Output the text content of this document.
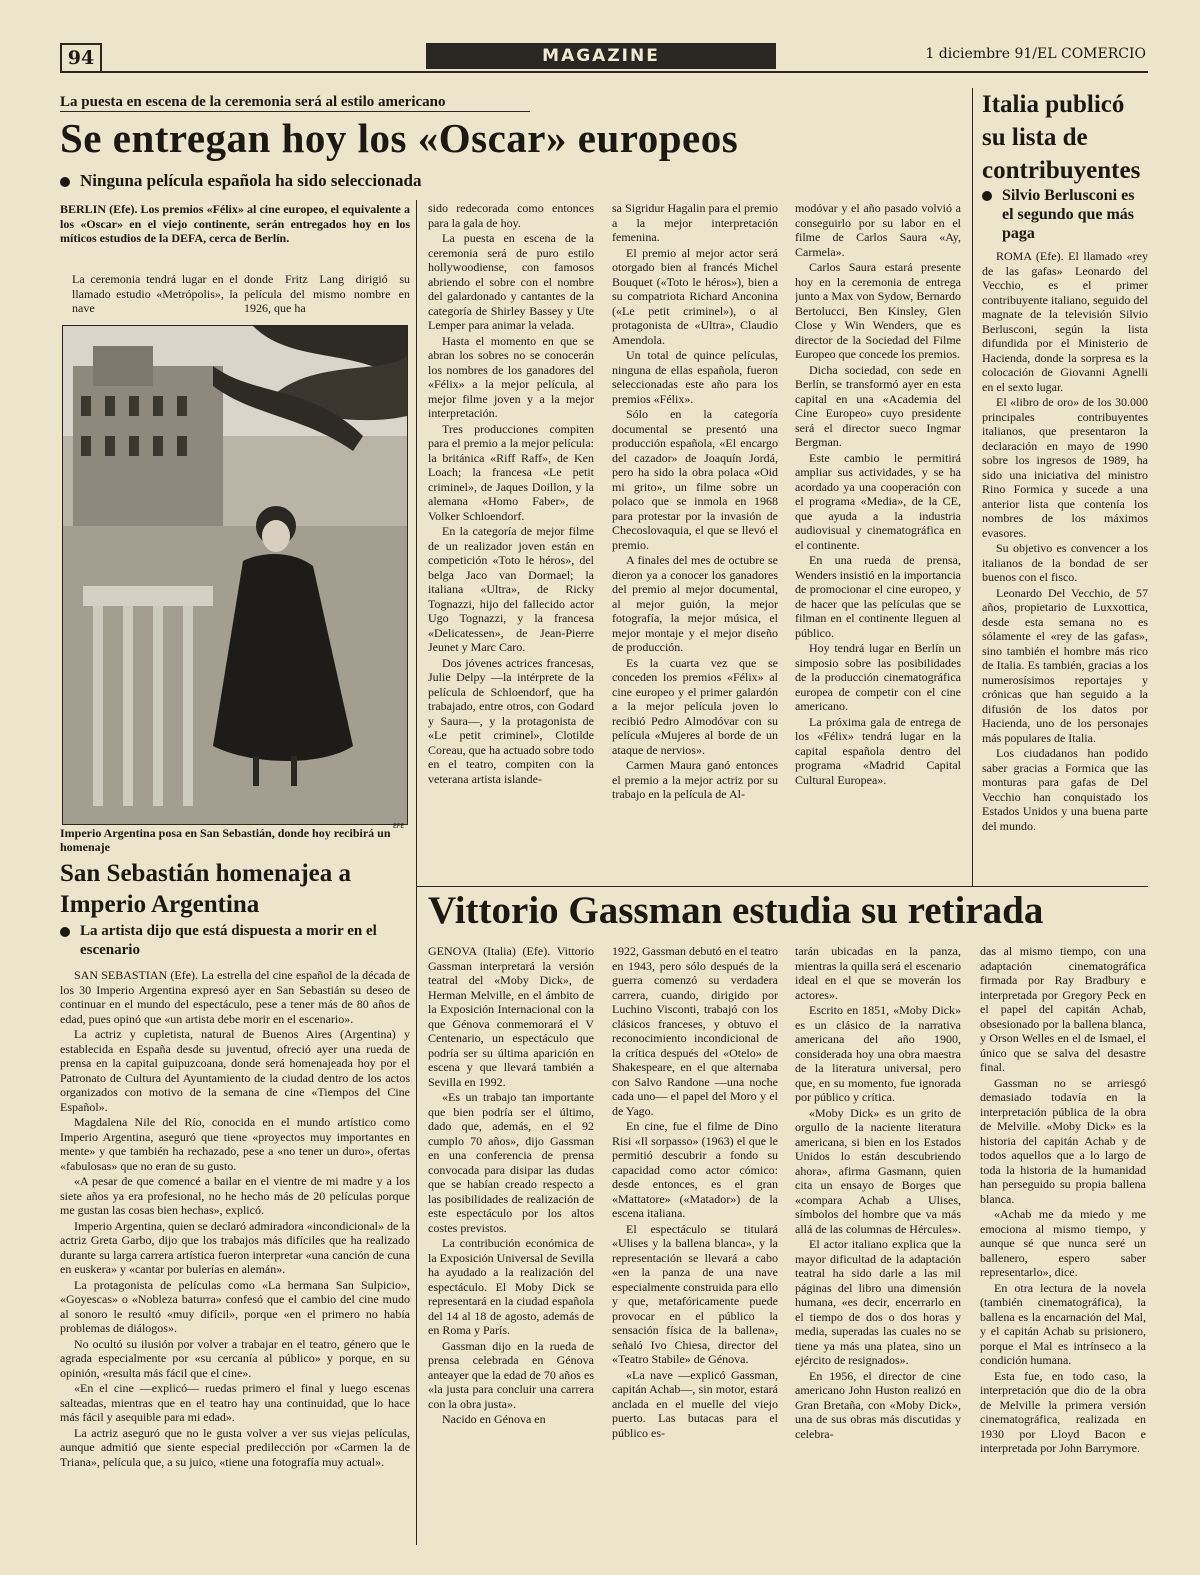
94	MAGAZINE	1 diciembre 91/EL COMERCIO
La puesta en escena de la ceremonia será al estilo americano
Se entregan hoy los «Oscar» europeos
Ninguna película española ha sido seleccionada
BERLIN (Efe). Los premios «Félix» al cine europeo, el equivalente a los «Oscar» en el viejo continente, serán entregados hoy en los míticos estudios de la DEFA, cerca de Berlín.

La ceremonia tendrá lugar en el llamado estudio «Metrópolis», la nave

donde Fritz Lang dirigió su película del mismo nombre en 1926, que ha

EFE
Imperio Argentina posa en San Sebastián, donde hoy recibirá un homenaje

sido redecorada como entonces para la gala de hoy.

La puesta en escena de la ceremonia será de puro estilo hollywoodiense, con famosos abriendo el sobre con el nombre del galardonado y cantantes de la categoría de Shirley Bassey y Ute Lemper para animar la velada.

Hasta el momento en que se abran los sobres no se conocerán los nombres de los ganadores del «Félix» a la mejor película, al mejor filme joven y a la mejor interpretación.

Tres producciones compiten para el premio a la mejor película: la británica «Riff Raff», de Ken Loach; la francesa «Le petit criminel», de Jaques Doillon, y la alemana «Homo Faber», de Volker Schloendorf.

En la categoría de mejor filme de un realizador joven están en competición «Toto le héros», del belga Jaco van Dormael; la italiana «Ultra», de Ricky Tognazzi, hijo del fallecido actor Ugo Tognazzi, y la francesa «Delicatessen», de Jean-Pierre Jeunet y Marc Caro.

Dos jóvenes actrices francesas, Julie Delpy —la intérprete de la película de Schloendorf, que ha trabajado, entre otros, con Godard y Saura—, y la protagonista de «Le petit criminel», Clotilde Coreau, que ha actuado sobre todo en el teatro, compiten con la veterana artista islande-

sa Sigridur Hagalin para el premio a la mejor interpretación femenina.

El premio al mejor actor será otorgado bien al francés Michel Bouquet («Toto le héros»), bien a su compatriota Richard Anconina («Le petit criminel»), o al protagonista de «Ultra», Claudio Amendola.

Un total de quince películas, ninguna de ellas española, fueron seleccionadas este año para los premios «Félix».

Sólo en la categoría documental se presentó una producción española, «El encargo del cazador» de Joaquín Jordá, pero ha sido la obra polaca «Oid mi grito», un filme sobre un polaco que se inmola en 1968 para protestar por la invasión de Checoslovaquia, el que se llevó el premio.

A finales del mes de octubre se dieron ya a conocer los ganadores del premio al mejor documental, al mejor guión, la mejor fotografía, la mejor música, el mejor montaje y el mejor diseño de producción.

Es la cuarta vez que se conceden los premios «Félix» al cine europeo y el primer galardón a la mejor película joven lo recibió Pedro Almodóvar con su película «Mujeres al borde de un ataque de nervios».

Carmen Maura ganó entonces el premio a la mejor actriz por su trabajo en la película de Al-

modóvar y el año pasado volvió a conseguirlo por su labor en el filme de Carlos Saura «Ay, Carmela».

Carlos Saura estará presente hoy en la ceremonia de entrega junto a Max von Sydow, Bernardo Bertolucci, Ben Kinsley, Glen Close y Win Wenders, que es director de la Sociedad del Filme Europeo que concede los premios.

Dicha sociedad, con sede en Berlín, se transformó ayer en esta capital en una «Academia del Cine Europeo» cuyo presidente será el director sueco Ingmar Bergman.

Este cambio le permitirá ampliar sus actividades, y se ha acordado ya una cooperación con el programa «Media», de la CE, que ayuda a la industria audiovisual y cinematográfica en el continente.

En una rueda de prensa, Wenders insistió en la importancia de promocionar el cine europeo, y de hacer que las películas que se filman en el continente lleguen al público.

Hoy tendrá lugar en Berlín un simposio sobre las posibilidades de la producción cinematográfica europea de competir con el cine americano.

La próxima gala de entrega de los «Félix» tendrá lugar en la capital española dentro del programa «Madrid Capital Cultural Europea».

Italia publicó su lista de contribuyentes
Silvio Berlusconi es el segundo que más paga

ROMA (Efe). El llamado «rey de las gafas» Leonardo del Vecchio, es el primer contribuyente italiano, seguido del magnate de la televisión Silvio Berlusconi, según la lista difundida por el Ministerio de Hacienda, donde la sorpresa es la colocación de Giovanni Agnelli en el sexto lugar.

El «libro de oro» de los 30.000 principales contribuyentes italianos, que presentaron la declaración en mayo de 1990 sobre los ingresos de 1989, ha sido una iniciativa del ministro Rino Formica y sucede a una anterior lista que contenía los nombres de los máximos evasores.

Su objetivo es convencer a los italianos de la bondad de ser buenos con el fisco.

Leonardo Del Vecchio, de 57 años, propietario de Luxxottica, desde esta semana no es sólamente el «rey de las gafas», sino también el hombre más rico de Italia. Es también, gracias a los numerosísimos reportajes y crónicas que han seguido a la difusión de los datos por Hacienda, uno de los personajes más populares de Italia.

Los ciudadanos han podido saber gracias a Formica que las monturas para gafas de Del Vecchio han conquistado los Estados Unidos y una buena parte del mundo.

San Sebastián homenajea a Imperio Argentina
La artista dijo que está dispuesta a morir en el escenario

SAN SEBASTIAN (Efe). La estrella del cine español de la década de los 30 Imperio Argentina expresó ayer en San Sebastián su deseo de continuar en el mundo del espectáculo, pese a tener más de 80 años de edad, pues opinó que «un artista debe morir en el escenario».

La actriz y cupletista, natural de Buenos Aires (Argentina) y establecida en España desde su juventud, ofreció ayer una rueda de prensa en la capital guipuzcoana, donde será homenajeada hoy por el Patronato de Cultura del Ayuntamiento de la ciudad dentro de los actos organizados con motivo de la semana de cine «Tiempos del Cine Español».

Magdalena Nile del Río, conocida en el mundo artístico como Imperio Argentina, aseguró que tiene «proyectos muy importantes en mente» y que también ha rechazado, pese a «no tener un duro», ofertas «fabulosas» que no eran de su gusto.

«A pesar de que comencé a bailar en el vientre de mi madre y a los siete años ya era profesional, no he hecho más de 20 películas porque me gustan las cosas bien hechas», explicó.

Imperio Argentina, quien se declaró admiradora «incondicional» de la actriz Greta Garbo, dijo que los trabajos más difíciles que ha realizado durante su larga carrera artística fueron interpretar «una canción de cuna en euskera» y «cantar por bulerías en alemán».

La protagonista de películas como «La hermana San Sulpicio», «Goyescas» o «Nobleza baturra» confesó que el cambio del cine mudo al sonoro le resultó «muy difícil», porque «en el primero no había problemas de diálogos».

No ocultó su ilusión por volver a trabajar en el teatro, género que le agrada especialmente por «su cercanía al público» y porque, en su opinión, «resulta más fácil que el cine».

«En el cine —explicó— ruedas primero el final y luego escenas salteadas, mientras que en el teatro hay una continuidad, que lo hace más fácil y asequible para mi edad».

La actriz aseguró que no le gusta volver a ver sus viejas películas, aunque admitió que siente especial predilección por «Carmen la de Triana», película que, a su juico, «tiene una fotografía muy actual».

Vittorio Gassman estudia su retirada

GENOVA (Italia) (Efe). Vittorio Gassman interpretará la versión teatral del «Moby Dick», de Herman Melville, en el ámbito de la Exposición Internacional con la que Génova conmemorará el V Centenario, un espectáculo que podría ser su última aparición en escena y que llevará también a Sevilla en 1992.

«Es un trabajo tan importante que bien podría ser el último, dado que, además, en el 92 cumplo 70 años», dijo Gassman en una conferencia de prensa convocada para disipar las dudas que se habían creado respecto a las posibilidades de realización de este espectáculo por los altos costes previstos.

La contribución económica de la Exposición Universal de Sevilla ha ayudado a la realización del espectáculo. El Moby Dick se representará en la ciudad española del 14 al 18 de agosto, además de en Roma y París.

Gassman dijo en la rueda de prensa celebrada en Génova anteayer que la edad de 70 años es «la justa para concluir una carrera con la obra justa».

Nacido en Génova en

1922, Gassman debutó en el teatro en 1943, pero sólo después de la guerra comenzó su verdadera carrera, cuando, dirigido por Luchino Visconti, trabajó con los clásicos franceses, y obtuvo el reconocimiento incondicional de la crítica después del «Otelo» de Shakespeare, en el que alternaba con Salvo Randone —una noche cada uno— el papel del Moro y el de Yago.

En cine, fue el filme de Dino Risi «Il sorpasso» (1963) el que le permitió descubrir a fondo su capacidad como actor cómico: desde entonces, es el gran «Mattatore» («Matador») de la escena italiana.

El espectáculo se titulará «Ulises y la ballena blanca», y la representación se llevará a cabo «en la panza de una nave especialmente construida para ello y que, metafóricamente puede provocar en el público la sensación física de la ballena», señaló Ivo Chiesa, director del «Teatro Stabile» de Génova.

«La nave —explicó Gassman, capitán Achab—, sin motor, estará anclada en el muelle del viejo puerto. Las butacas para el público es-

tarán ubicadas en la panza, mientras la quilla será el escenario ideal en el que se moverán los actores».

Escrito en 1851, «Moby Dick» es un clásico de la narrativa americana del año 1900, considerada hoy una obra maestra de la literatura universal, pero que, en su momento, fue ignorada por público y crítica.

«Moby Dick» es un grito de orgullo de la naciente literatura americana, si bien en los Estados Unidos lo están descubriendo ahora», afirma Gasmann, quien cita un ensayo de Borges que «compara Achab a Ulises, símbolos del hombre que va más allá de las columnas de Hércules».

El actor italiano explica que la mayor dificultad de la adaptación teatral ha sido darle a las mil páginas del libro una dimensión humana, «es decir, encerrarlo en el tiempo de dos o dos horas y media, superadas las cuales no se tiene ya más una platea, sino un ejército de resignados».

En 1956, el director de cine americano John Huston realizó en Gran Bretaña, con «Moby Dick», una de sus obras más discutidas y celebra-

das al mismo tiempo, con una adaptación cinematográfica firmada por Ray Bradbury e interpretada por Gregory Peck en el papel del capitán Achab, obsesionado por la ballena blanca, y Orson Welles en el de Ismael, el único que se salva del desastre final.

Gassman no se arriesgó demasiado todavía en la interpretación pública de la obra de Melville. «Moby Dick» es la historia del capitán Achab y de todos aquellos que a lo largo de toda la historia de la humanidad han perseguido su propia ballena blanca.

«Achab me da miedo y me emociona al mismo tiempo, y aunque sé que nunca seré un ballenero, espero saber representarlo», dice.

En otra lectura de la novela (también cinematográfica), la ballena es la encarnación del Mal, y el capitán Achab su prisionero, porque el Mal es intrínseco a la condición humana.

Esta fue, en todo caso, la interpretación que dio de la obra de Melville la primera versión cinematográfica, realizada en 1930 por Lloyd Bacon e interpretada por John Barrymore.
